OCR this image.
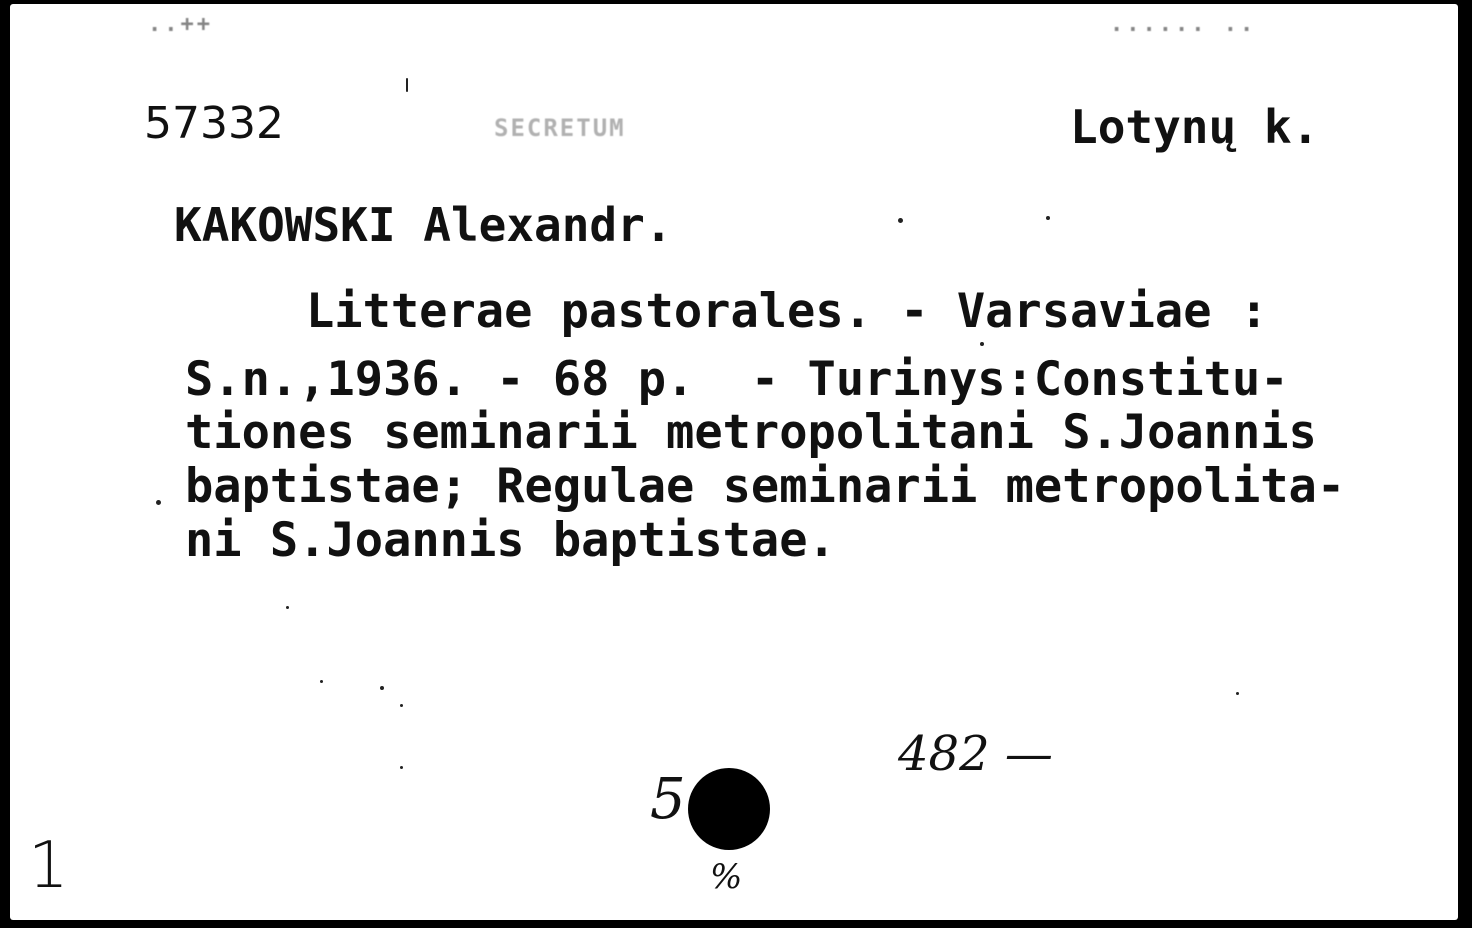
..++	...... ..
57332	SECRETUM	Lotynų k.
KAKOWSKI Alexandr.
Litterae pastorales. - Varsaviae :
S.n.,1936. - 68 p.  - Turinys:Constitu-
tiones seminarii metropolitani S.Joannis
baptistae; Regulae seminarii metropolita-
ni S.Joannis baptistae.
482 —
1
5
%
